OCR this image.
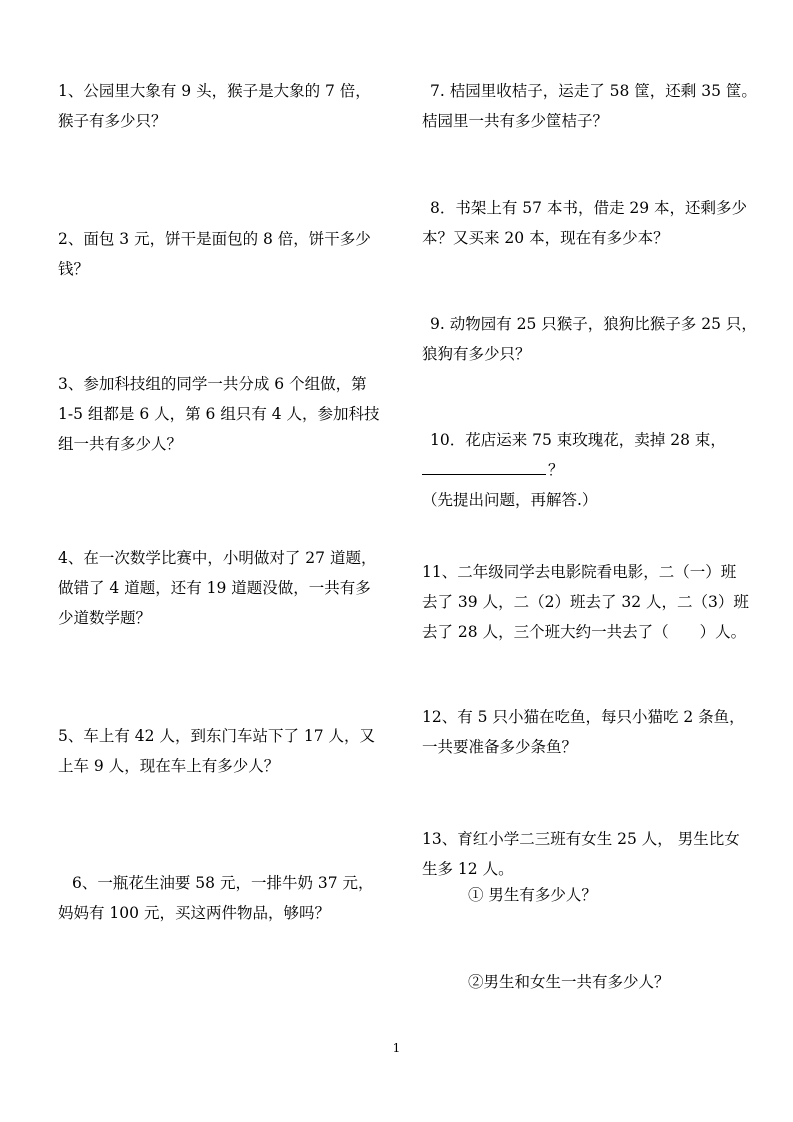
1、公园里大象有 9 头，猴子是大象的 7 倍，
猴子有多少只？
2、面包 3 元，饼干是面包的 8 倍，饼干多少
钱？
3、参加科技组的同学一共分成 6 个组做，第
1-5 组都是 6 人，第 6 组只有 4 人，参加科技
组一共有多少人？
4、在一次数学比赛中，小明做对了 27 道题，
做错了 4 道题，还有 19 道题没做，一共有多
少道数学题？
5、车上有 42 人，到东门车站下了 17 人，又
上车 9 人，现在车上有多少人？
6、一瓶花生油要 58 元，一排牛奶 37 元，
妈妈有 100 元，买这两件物品，够吗？
7. 桔园里收桔子，运走了 58 筐，还剩 35 筐。
桔园里一共有多少筐桔子？
8．书架上有 57 本书，借走 29 本，还剩多少
本？又买来 20 本，现在有多少本？
9. 动物园有 25 只猴子，狼狗比猴子多 25 只，
狼狗有多少只？
10．花店运来 75 束玫瑰花，卖掉 28 束，
？
（先提出问题，再解答.）
11、二年级同学去电影院看电影，二（一）班
去了 39 人，二（2）班去了 32 人，二（3）班
去了 28 人，三个班大约一共去了（　　）人。
12、有 5 只小猫在吃鱼，每只小猫吃 2 条鱼，
一共要准备多少条鱼？
13、育红小学二三班有女生 25 人， 男生比女
生多 12 人。
① 男生有多少人？
②男生和女生一共有多少人？
1
